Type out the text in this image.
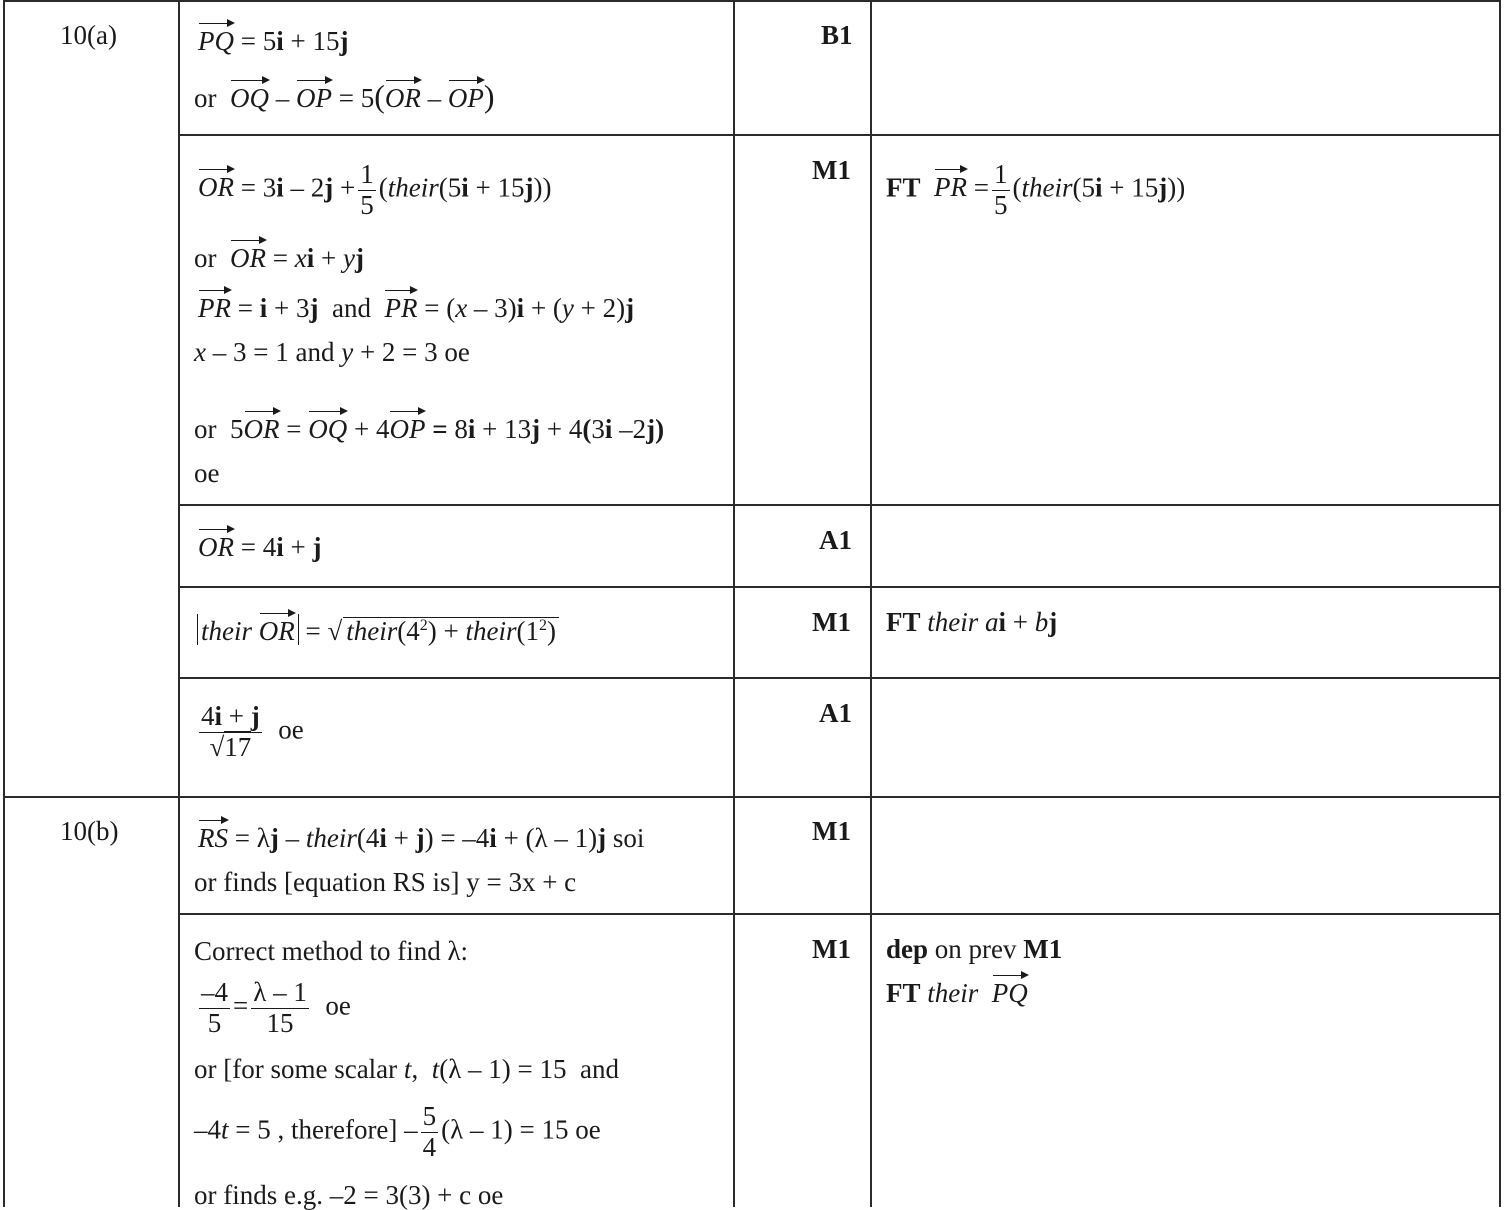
10(a)
10(b)
B1
M1
A1
M1
A1
M1
M1
PQ = 5i + 15j
or  OQ – OP = 5(OR – OP)
OR = $3i - 2j + \frac{1}{5}$ (their(5i + 15j))
or  OR = xi + yj
PR = i + 3j  and  PR = (x – 3)i + (y + 2)j
x – 3 = 1 and y + 2 = 3 oe
or  5OR = OQ + 4OP = 8i + 13j + 4(3i –2j)
oe
FT PR = $\frac{1}{5}$ (their(5i + 15j))
OR = 4i + j
their OR = √ $their(4^2)$ + $their(1^2)$	FT their ai + bj
$\frac{4i + j}{√17}$ oe
RS = λj – their(4i + j) = –4i + (λ – 1)j soi
or finds [equation RS is] y = 3x + c
Correct method to find λ:
$\frac{-4}{5} = \frac{\lambda - 1}{15}$ oe
or [for some scalar t,  t(λ – 1) = 15  and
–4t = 5 , therefore] – $\frac{5}{4} (\lambda - 1) = 15$ oe
or finds e.g. –2 = 3(3) + c oe
dep on prev M1
FT their PQ
